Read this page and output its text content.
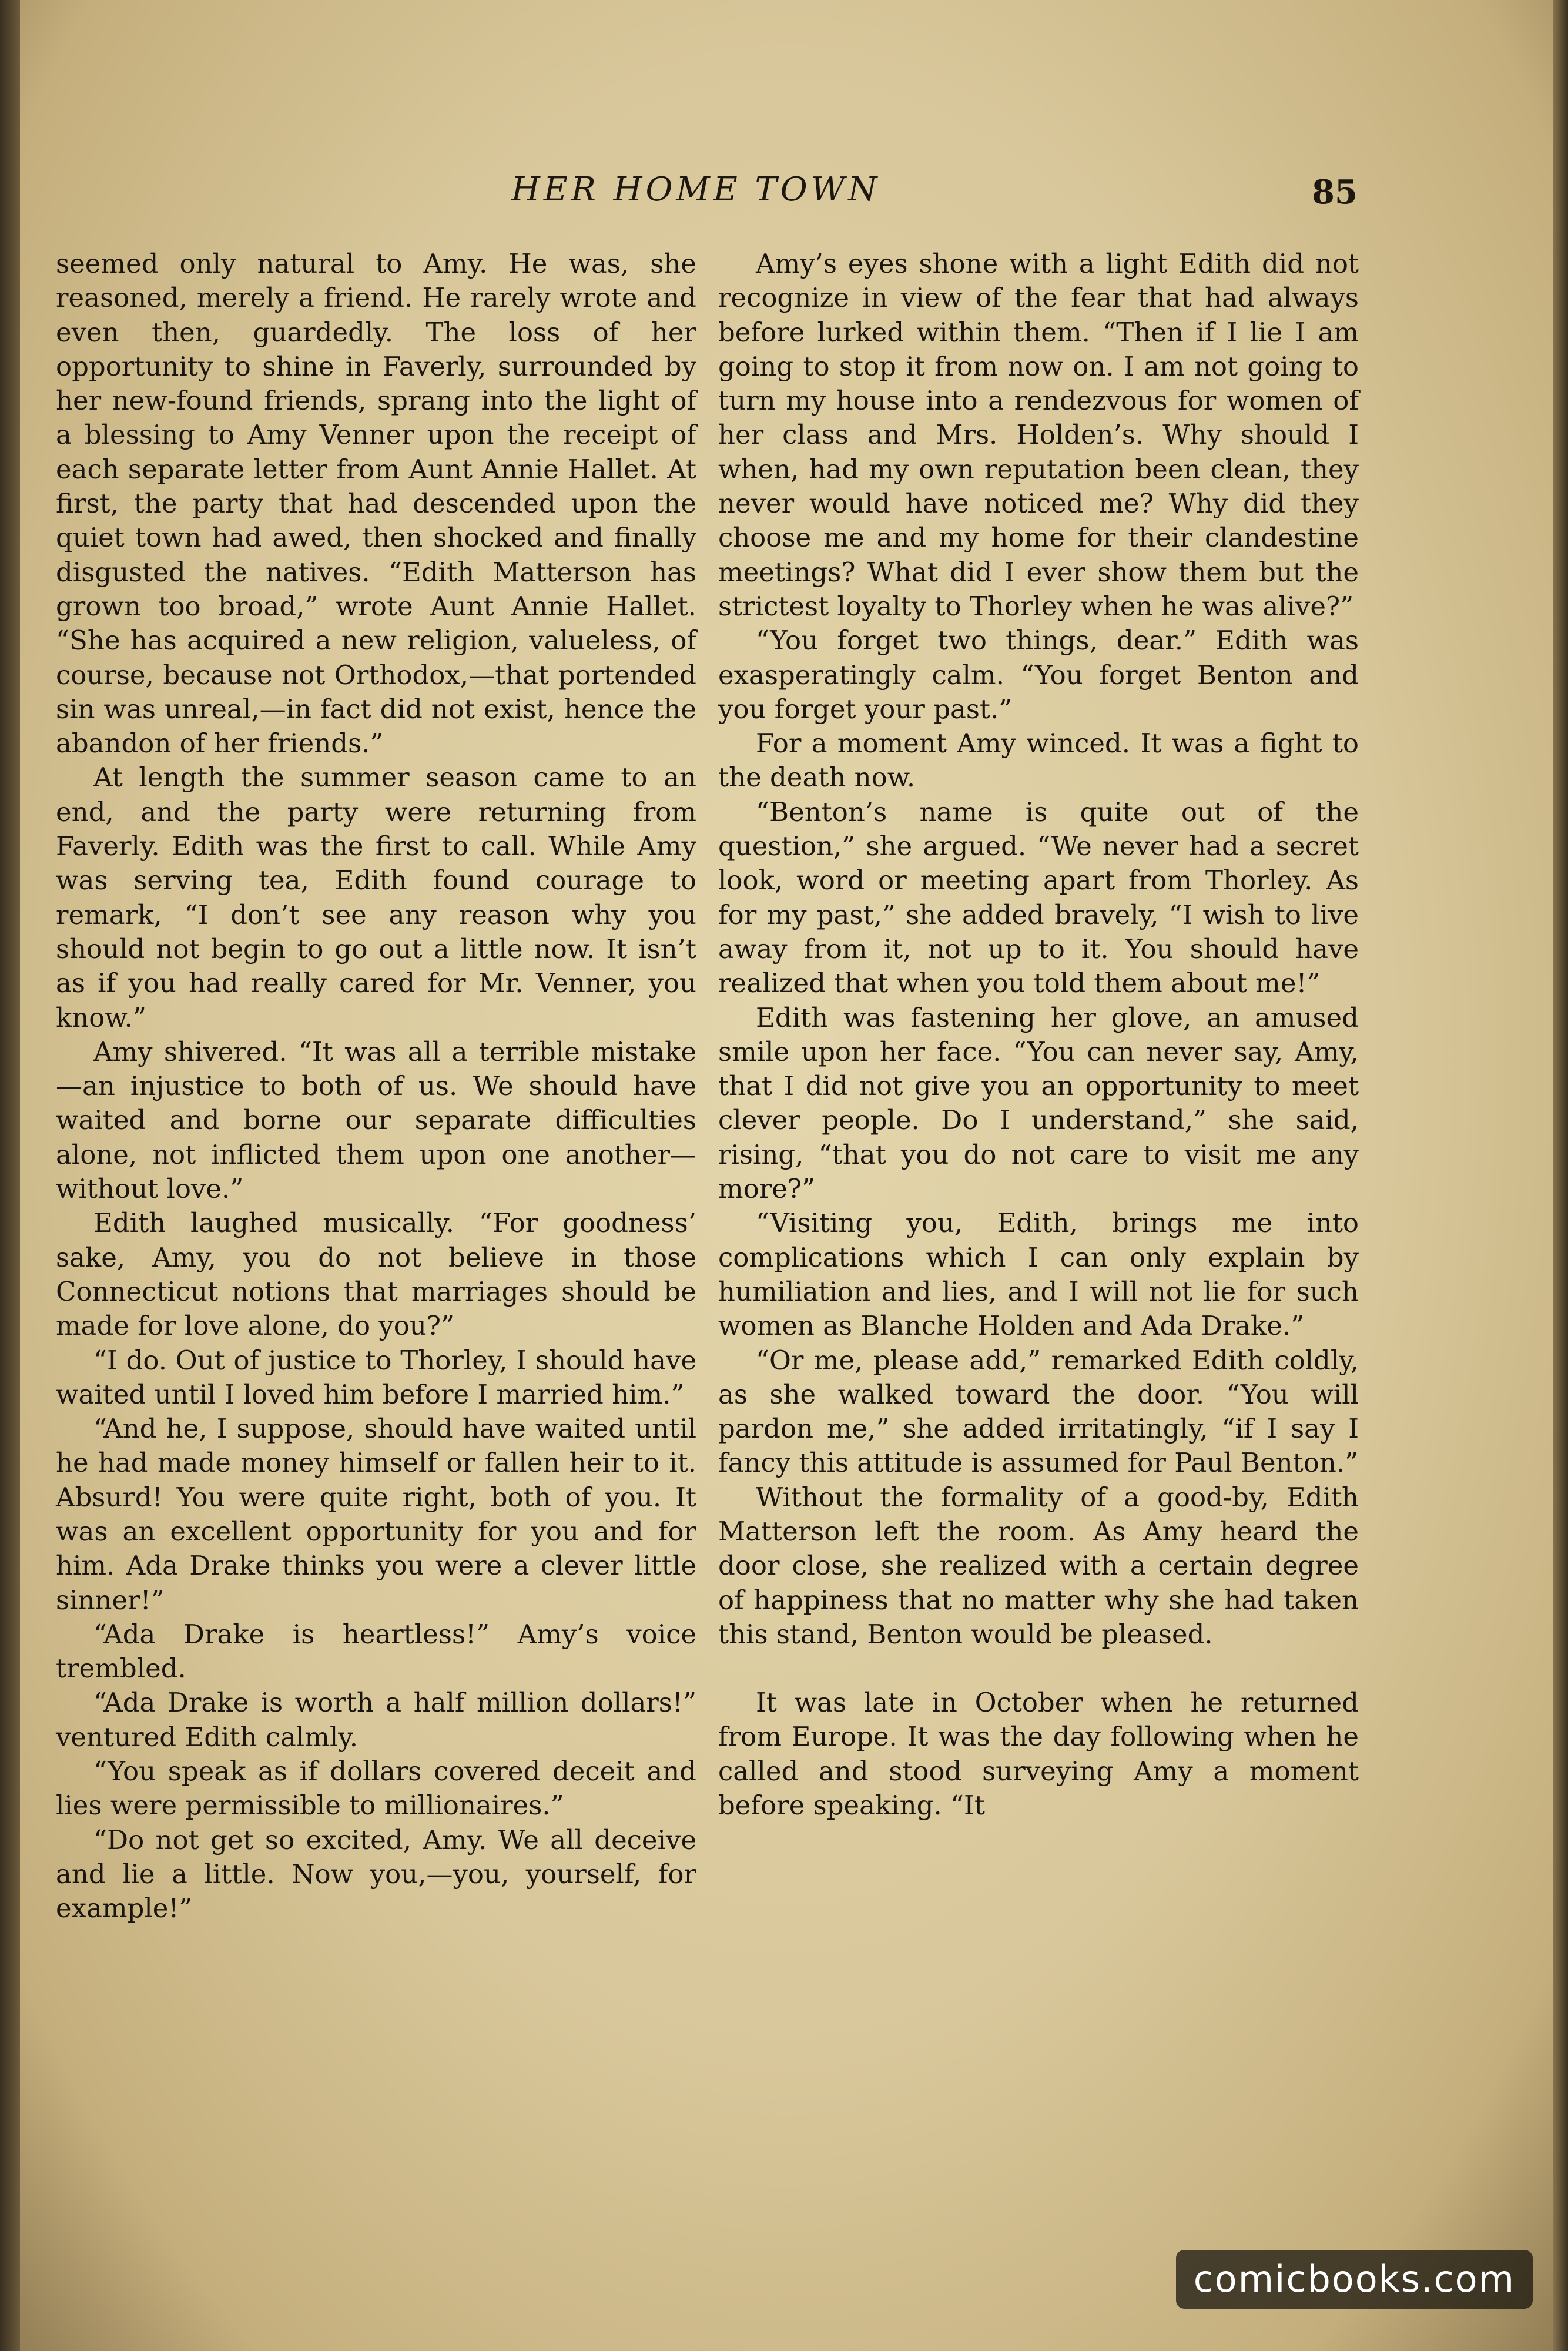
HER HOME TOWN	85

seemed only natural to Amy. He was, she reasoned, merely a friend. He rarely wrote and even then, guardedly. The loss of her opportunity to shine in Faverly, surrounded by her new-found friends, sprang into the light of a blessing to Amy Venner upon the receipt of each separate letter from Aunt Annie Hallet. At first, the party that had descended upon the quiet town had awed, then shocked and finally disgusted the natives. “Edith Matterson has grown too broad,” wrote Aunt Annie Hallet. “She has acquired a new religion, valueless, of course, because not Orthodox,—that portended sin was unreal,—in fact did not exist, hence the abandon of her friends.”

At length the summer season came to an end, and the party were returning from Faverly. Edith was the first to call. While Amy was serving tea, Edith found courage to remark, “I don’t see any reason why you should not begin to go out a little now. It isn’t as if you had really cared for Mr. Venner, you know.”

Amy shivered. “It was all a terrible mistake—an injustice to both of us. We should have waited and borne our separate difficulties alone, not inflicted them upon one another—without love.”

Edith laughed musically. “For goodness’ sake, Amy, you do not believe in those Connecticut notions that marriages should be made for love alone, do you?”

“I do. Out of justice to Thorley, I should have waited until I loved him before I married him.”

“And he, I suppose, should have waited until he had made money himself or fallen heir to it. Absurd! You were quite right, both of you. It was an excellent opportunity for you and for him. Ada Drake thinks you were a clever little sinner!”

“Ada Drake is heartless!” Amy’s voice trembled.

“Ada Drake is worth a half million dollars!” ventured Edith calmly.

“You speak as if dollars covered deceit and lies were permissible to millionaires.”

“Do not get so excited, Amy. We all deceive and lie a little. Now you,—you, yourself, for example!”

Amy’s eyes shone with a light Edith did not recognize in view of the fear that had always before lurked within them. “Then if I lie I am going to stop it from now on. I am not going to turn my house into a rendezvous for women of her class and Mrs. Holden’s. Why should I when, had my own reputation been clean, they never would have noticed me? Why did they choose me and my home for their clandestine meetings? What did I ever show them but the strictest loyalty to Thorley when he was alive?”

“You forget two things, dear.” Edith was exasperatingly calm. “You forget Benton and you forget your past.”

For a moment Amy winced. It was a fight to the death now.

“Benton’s name is quite out of the question,” she argued. “We never had a secret look, word or meeting apart from Thorley. As for my past,” she added bravely, “I wish to live away from it, not up to it. You should have realized that when you told them about me!”

Edith was fastening her glove, an amused smile upon her face. “You can never say, Amy, that I did not give you an opportunity to meet clever people. Do I understand,” she said, rising, “that you do not care to visit me any more?”

“Visiting you, Edith, brings me into complications which I can only explain by humiliation and lies, and I will not lie for such women as Blanche Holden and Ada Drake.”

“Or me, please add,” remarked Edith coldly, as she walked toward the door. “You will pardon me,” she added irritatingly, “if I say I fancy this attitude is assumed for Paul Benton.”

Without the formality of a good-by, Edith Matterson left the room. As Amy heard the door close, she realized with a certain degree of happiness that no matter why she had taken this stand, Benton would be pleased.

It was late in October when he returned from Europe. It was the day following when he called and stood surveying Amy a moment before speaking. “It

comicbooks.com
